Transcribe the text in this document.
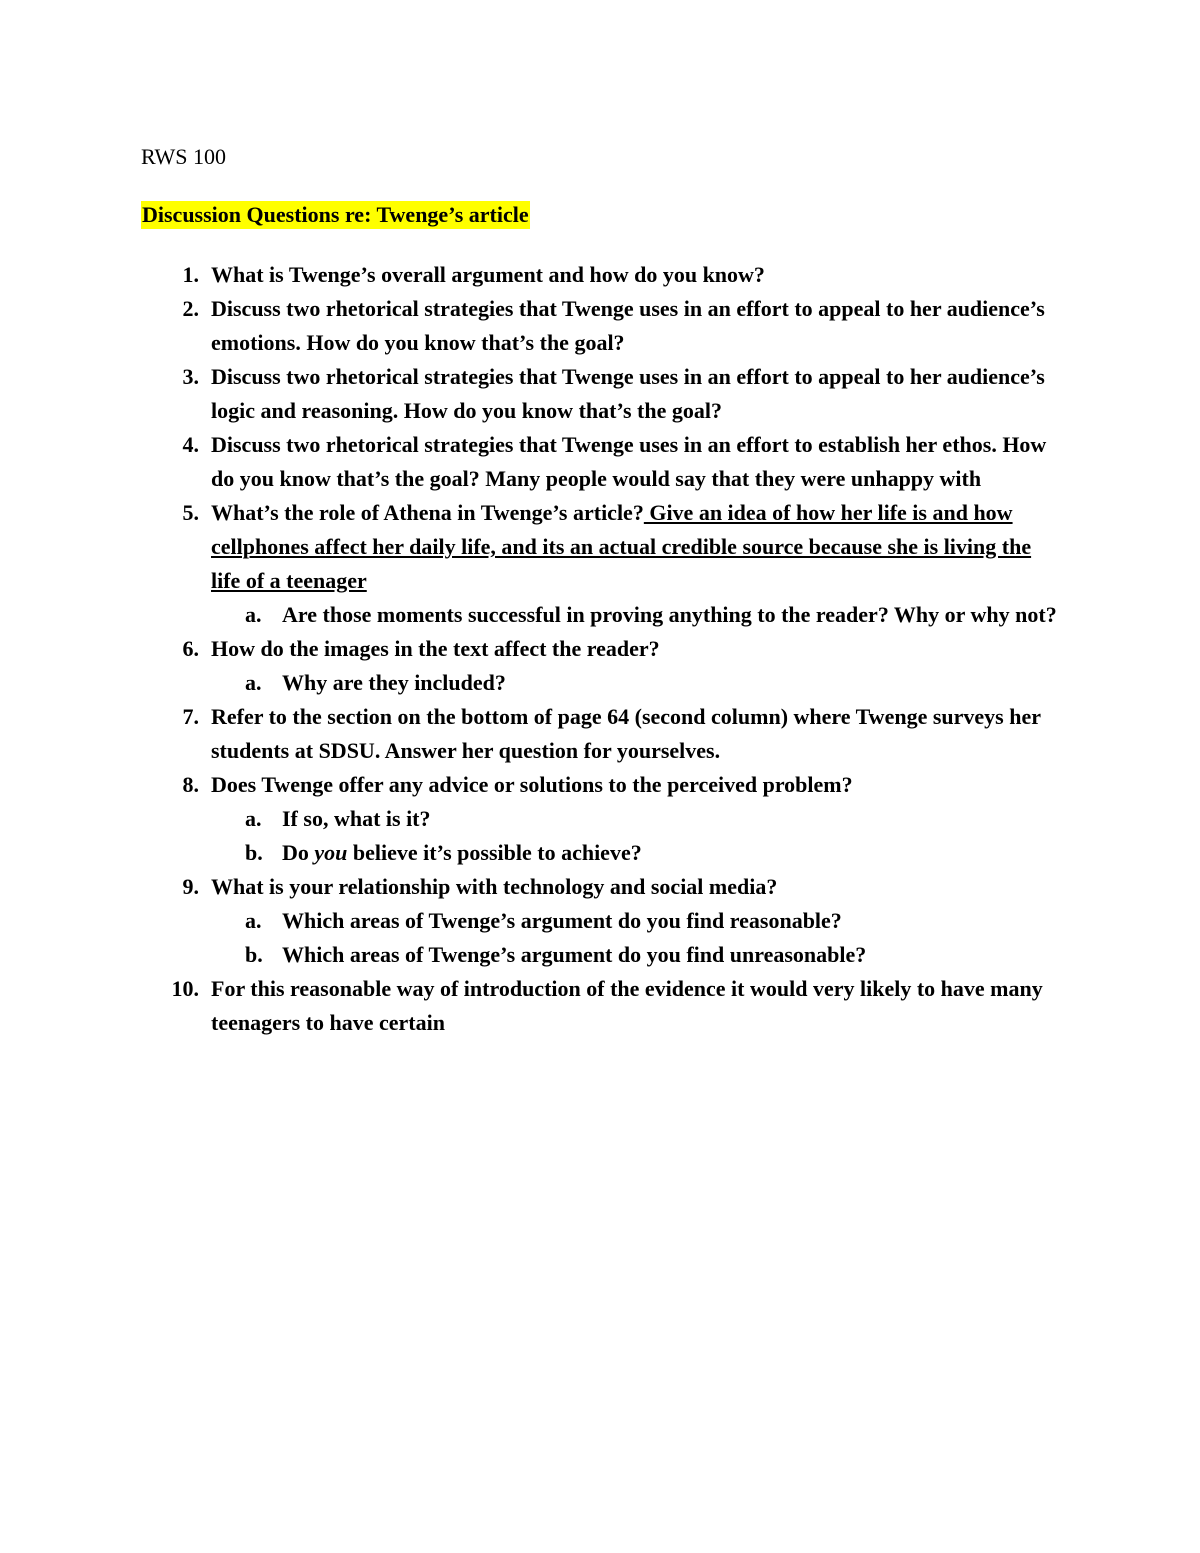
RWS 100
Discussion Questions re: Twenge’s article
1. What is Twenge’s overall argument and how do you know?
2. Discuss two rhetorical strategies that Twenge uses in an effort to appeal to her audience’s emotions. How do you know that’s the goal?
3. Discuss two rhetorical strategies that Twenge uses in an effort to appeal to her audience’s logic and reasoning. How do you know that’s the goal?
4. Discuss two rhetorical strategies that Twenge uses in an effort to establish her ethos. How do you know that’s the goal? Many people would say that they were unhappy with
5. What’s the role of Athena in Twenge’s article? Give an idea of how her life is and how cellphones affect her daily life, and its an actual credible source because she is living the life of a teenager
a. Are those moments successful in proving anything to the reader? Why or why not?
6. How do the images in the text affect the reader?
a. Why are they included?
7. Refer to the section on the bottom of page 64 (second column) where Twenge surveys her students at SDSU. Answer her question for yourselves.
8. Does Twenge offer any advice or solutions to the perceived problem?
a. If so, what is it?
b. Do you believe it’s possible to achieve?
9. What is your relationship with technology and social media?
a. Which areas of Twenge’s argument do you find reasonable?
b. Which areas of Twenge’s argument do you find unreasonable?
10. For this reasonable way of introduction of the evidence it would very likely to have many teenagers to have certain
